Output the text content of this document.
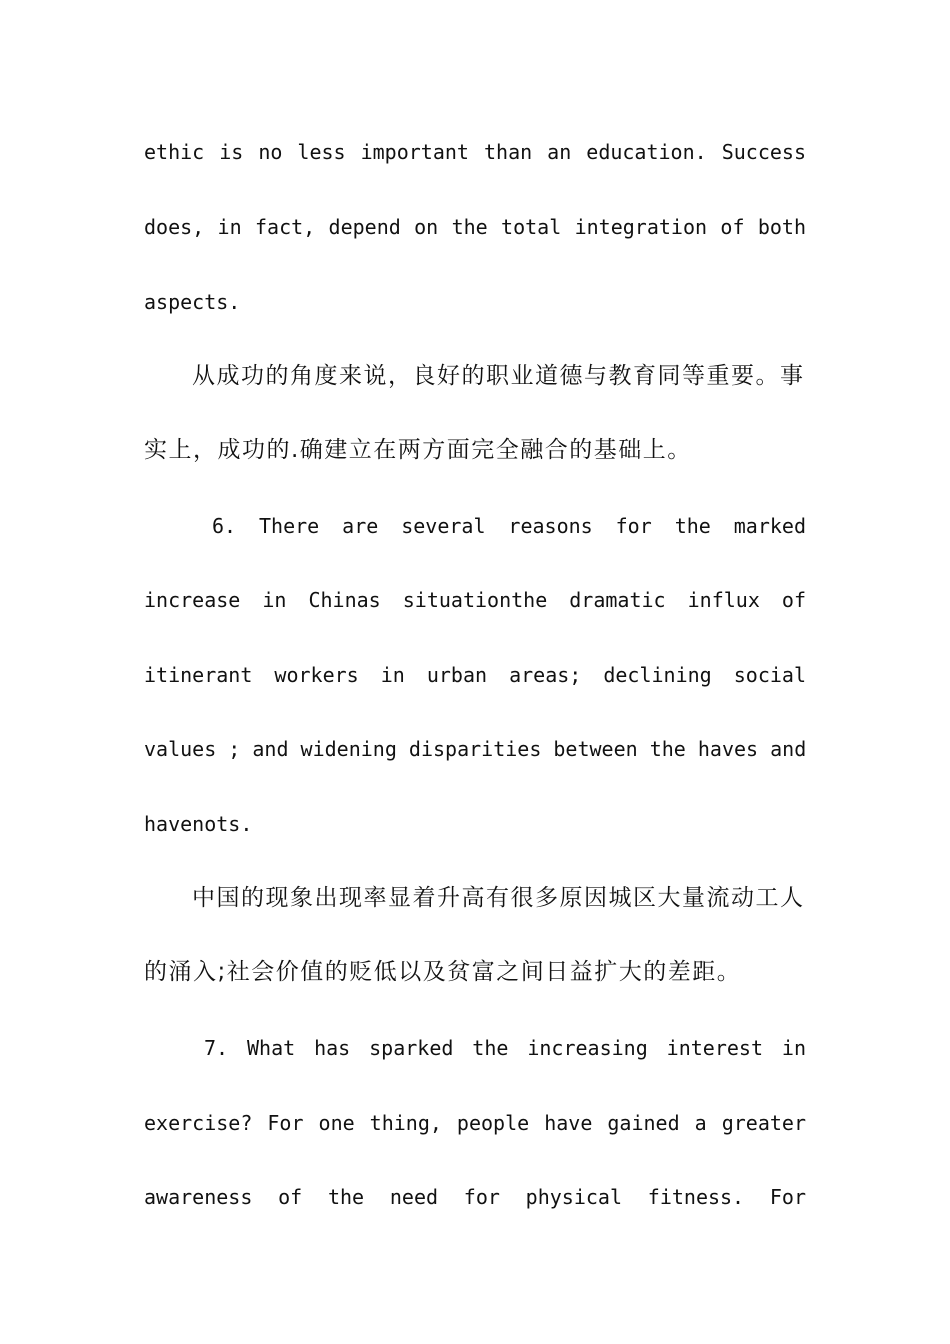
ethic is no less important than an education. Success
does, in fact, depend on the total integration of both
aspects.
从成功的角度来说，良好的职业道德与教育同等重要。事
实上，成功的.确建立在两方面完全融合的基础上。
6. There are several reasons for the marked
increase in Chinas situationthe dramatic influx of
itinerant workers in urban areas; declining social
values ; and widening disparities between the haves and
havenots.
中国的现象出现率显着升高有很多原因城区大量流动工人
的涌入;社会价值的贬低以及贫富之间日益扩大的差距。
7. What has sparked the increasing interest in
exercise? For one thing, people have gained a greater
awareness of the need for physical fitness. For
